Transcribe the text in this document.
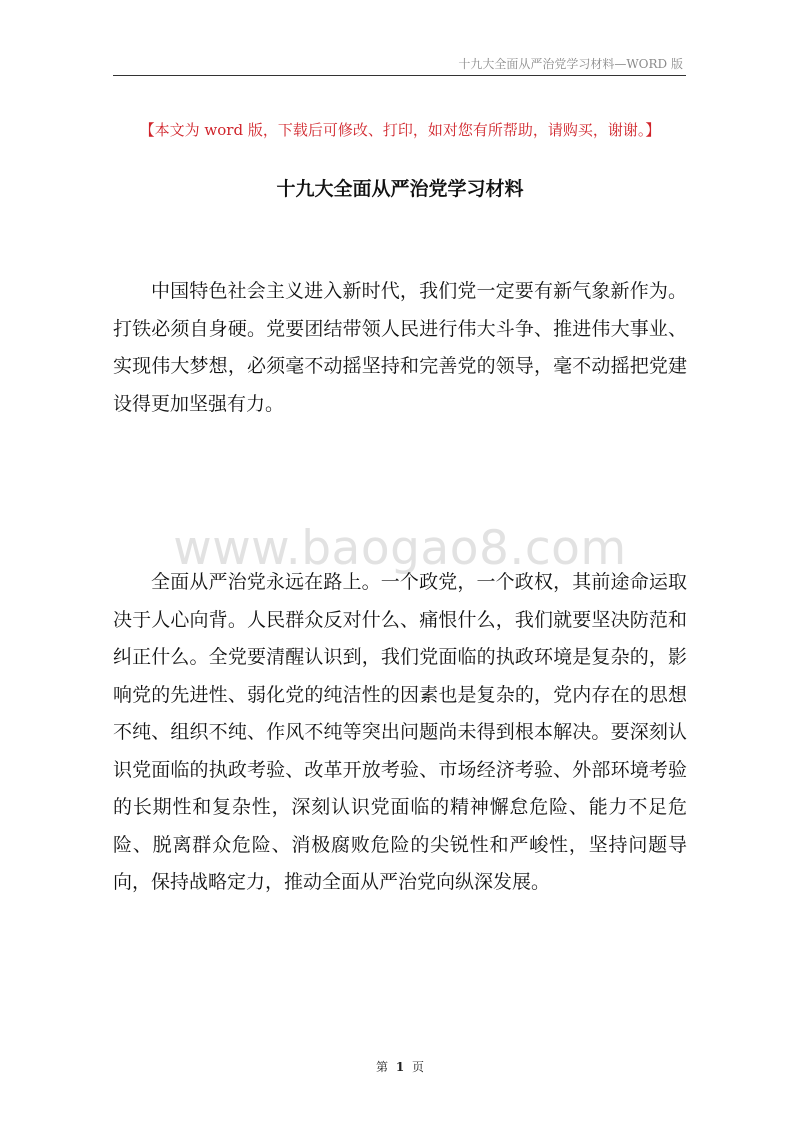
十九大全面从严治党学习材料—WORD 版
【本文为 word 版，下载后可修改、打印，如对您有所帮助，请购买，谢谢。】
十九大全面从严治党学习材料

中国特色社会主义进入新时代，我们党一定要有新气象新作为。打铁必须自身硬。党要团结带领人民进行伟大斗争、推进伟大事业、实现伟大梦想，必须毫不动摇坚持和完善党的领导，毫不动摇把党建设得更加坚强有力。

www.baogao8.com

全面从严治党永远在路上。一个政党，一个政权，其前途命运取决于人心向背。人民群众反对什么、痛恨什么，我们就要坚决防范和纠正什么。全党要清醒认识到，我们党面临的执政环境是复杂的，影响党的先进性、弱化党的纯洁性的因素也是复杂的，党内存在的思想不纯、组织不纯、作风不纯等突出问题尚未得到根本解决。要深刻认识党面临的执政考验、改革开放考验、市场经济考验、外部环境考验的长期性和复杂性，深刻认识党面临的精神懈怠危险、能力不足危险、脱离群众危险、消极腐败危险的尖锐性和严峻性，坚持问题导向，保持战略定力，推动全面从严治党向纵深发展。

第 1 页
